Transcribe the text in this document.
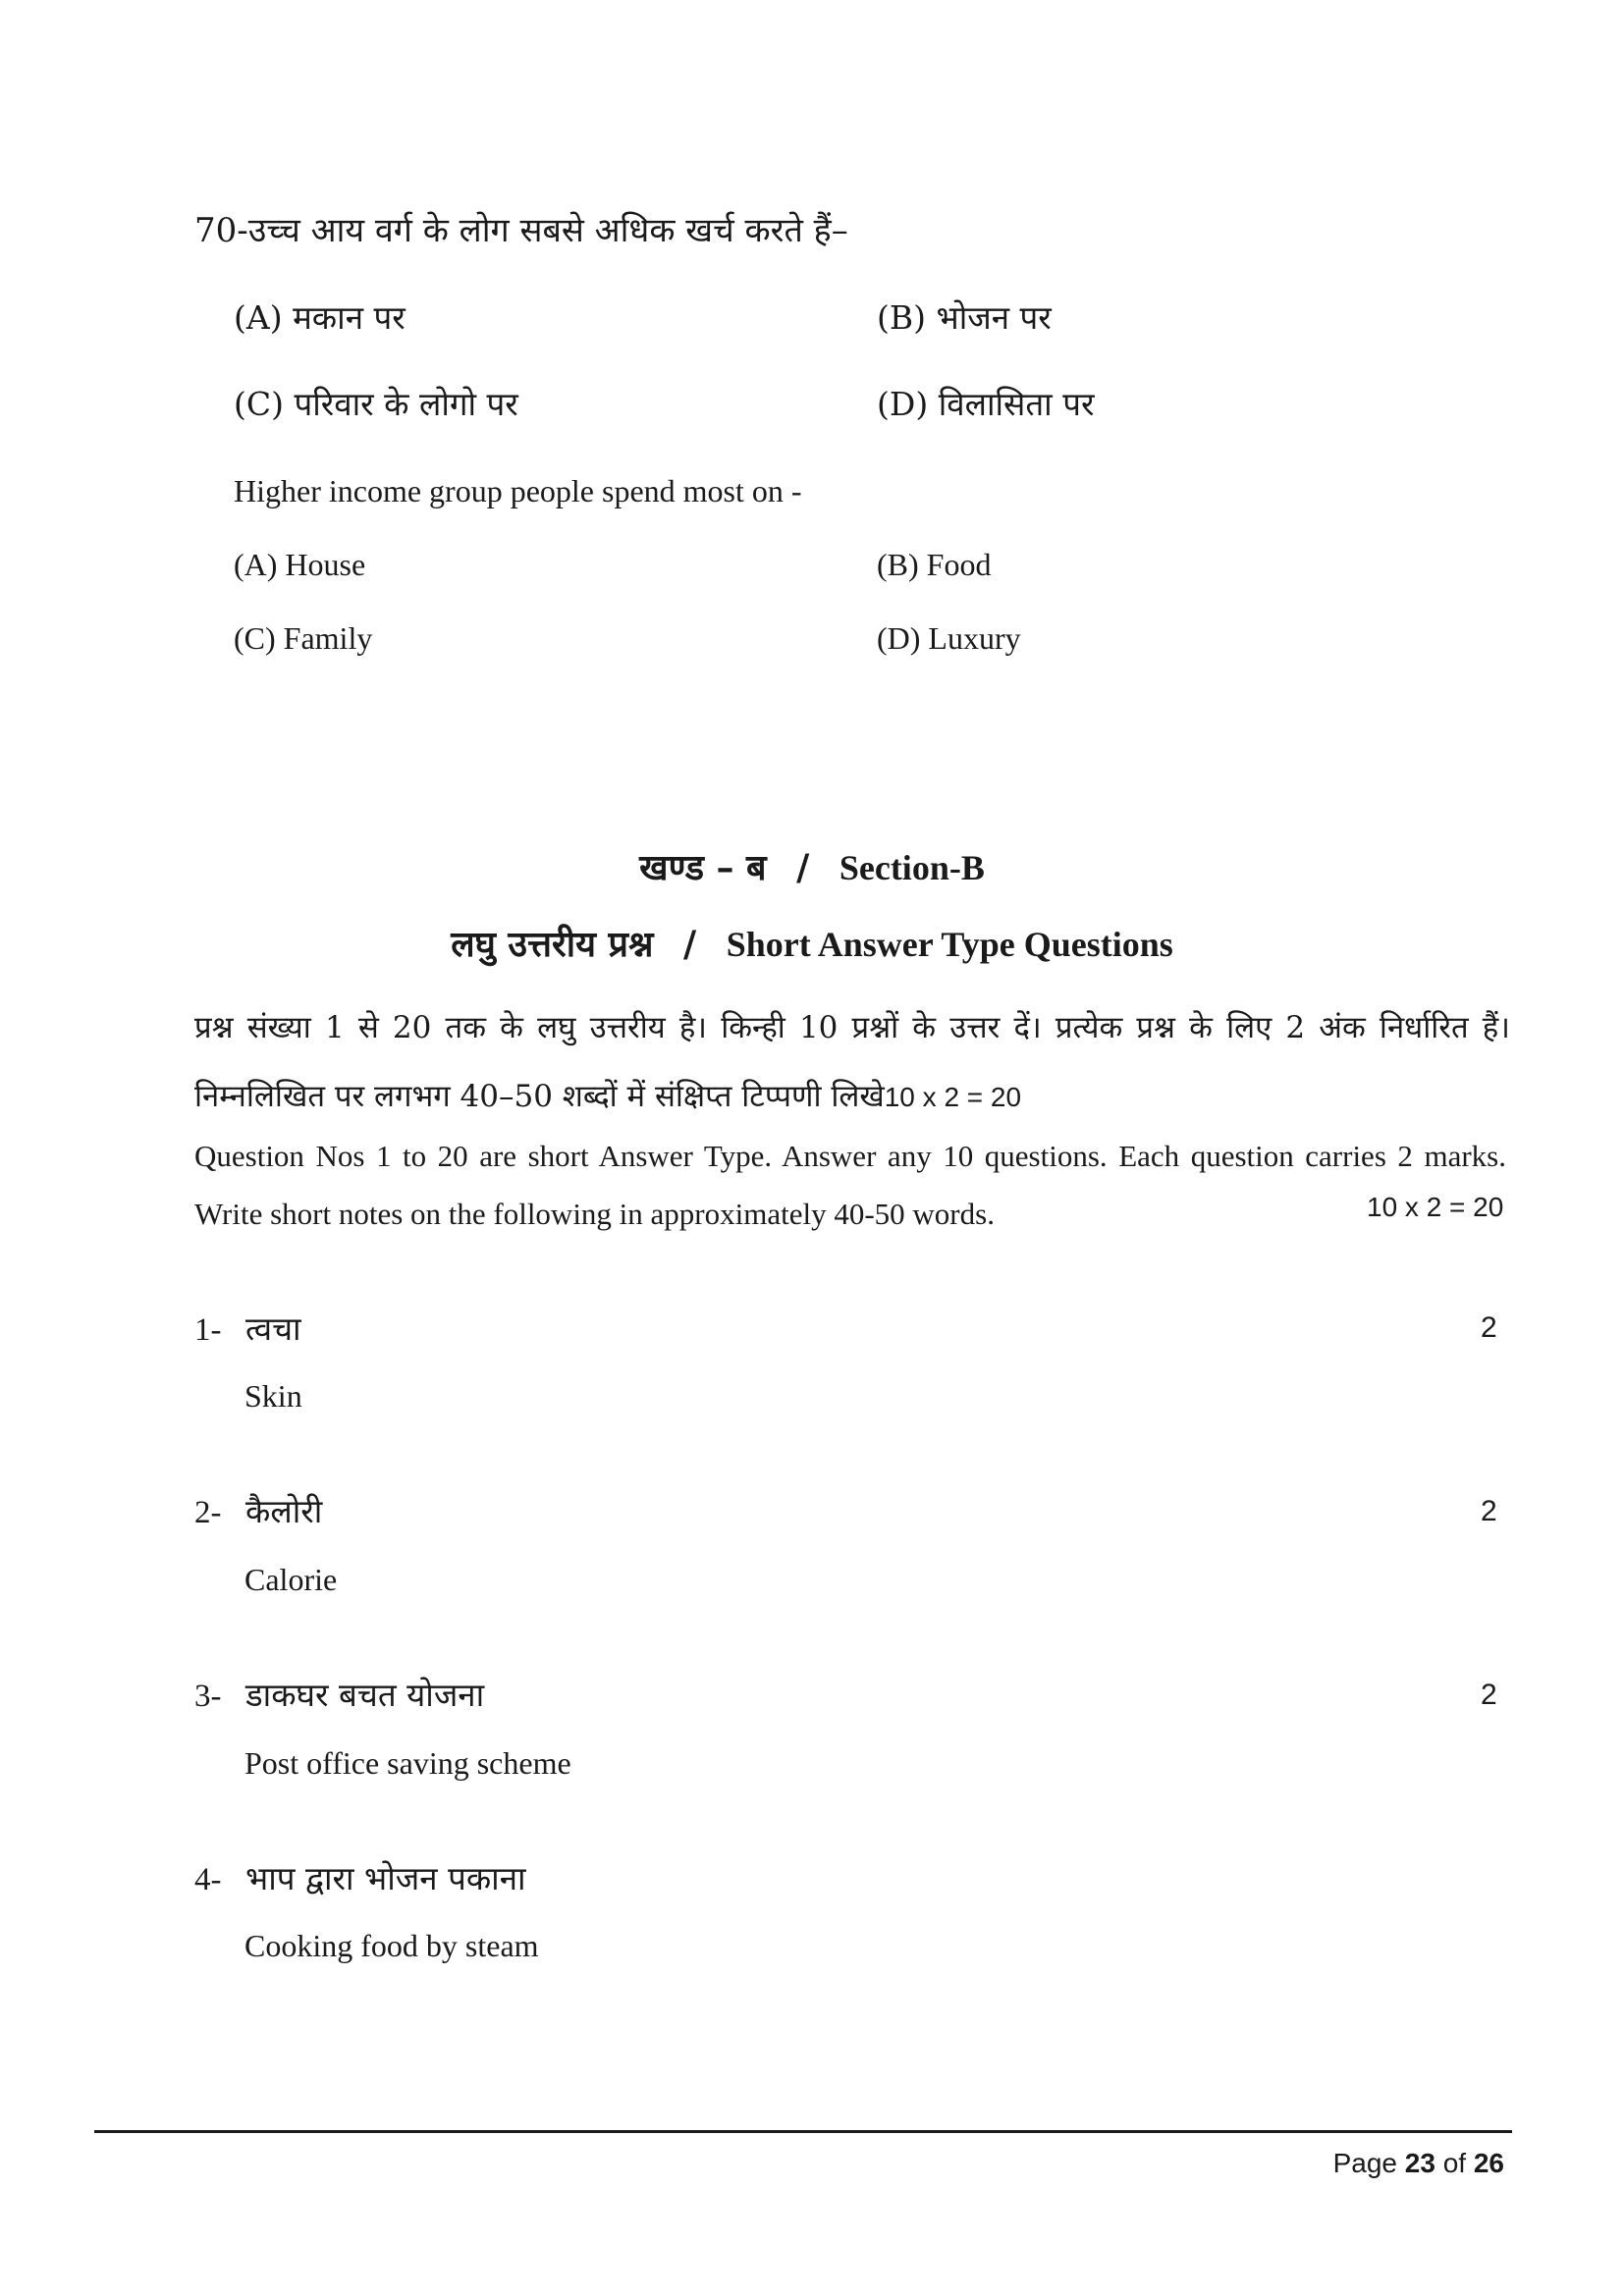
70-उच्च आय वर्ग के लोग सबसे अधिक खर्च करते हैं–
(A) मकान पर	(B) भोजन पर
(C) परिवार के लोगो पर	(D) विलासिता पर
Higher income group people spend most on -
(A) House	(B) Food
(C) Family	(D) Luxury
खण्ड – ब / Section-B
लघु उत्तरीय प्रश्न / Short Answer Type Questions
प्रश्न संख्या 1 से 20 तक के लघु उत्तरीय है। किन्ही 10 प्रश्नों के उत्तर दें। प्रत्येक प्रश्न के लिए 2 अंक निर्धारित हैं। निम्नलिखित पर लगभग 40–50 शब्दों में संक्षिप्त टिप्पणी लिखे10 x 2 = 20
Question Nos 1 to 20 are short Answer Type. Answer any 10 questions. Each question carries 2 marks. Write short notes on the following in approximately 40-50 words.	10 x 2 = 20
1- त्वचा	2
Skin
2- कैलोरी	2
Calorie
3- डाकघर बचत योजना	2
Post office saving scheme
4- भाप द्वारा भोजन पकाना
Cooking food by steam
Page 23 of 26
